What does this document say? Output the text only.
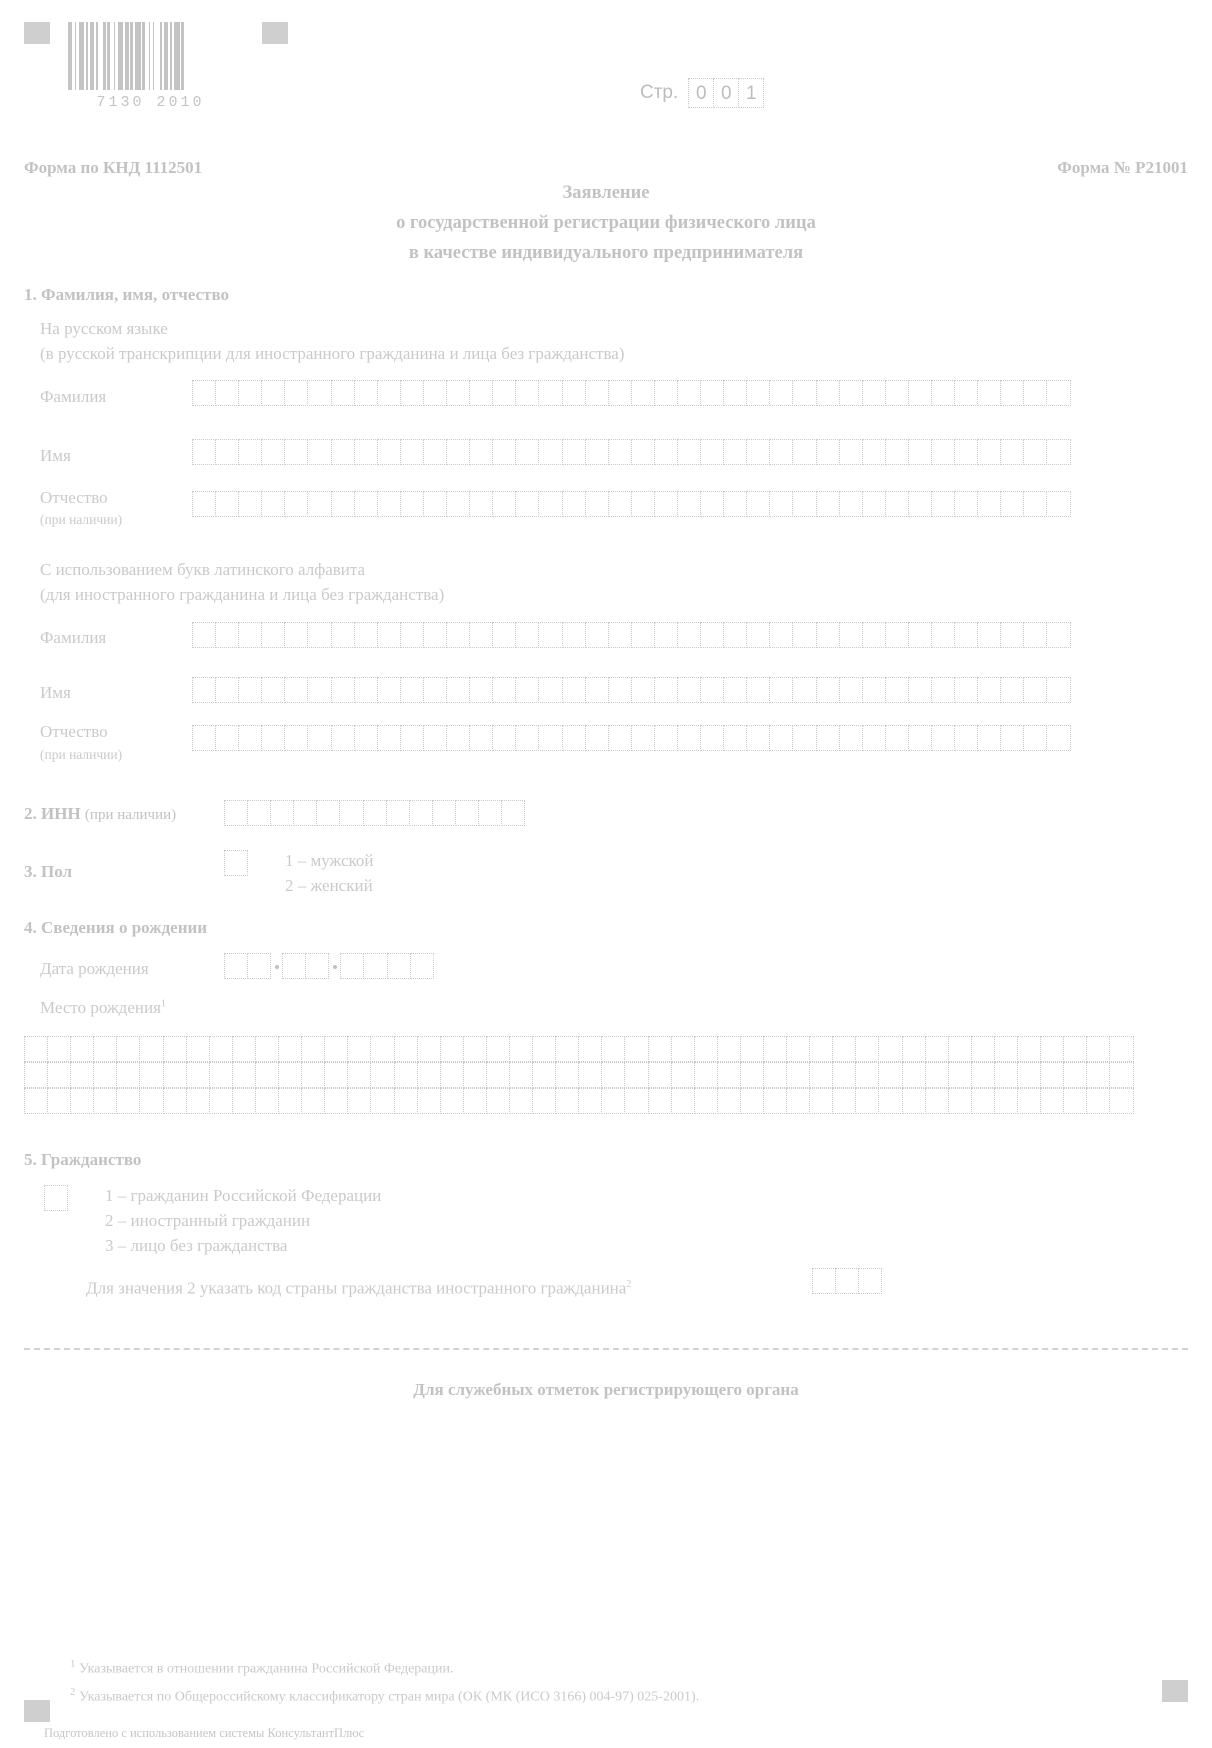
7130 2010	Стр. 0 0 1
Форма по КНД 1112501	Форма № Р21001
Заявление
о государственной регистрации физического лица
в качестве индивидуального предпринимателя
1. Фамилия, имя, отчество
На русском языке
(в русской транскрипции для иностранного гражданина и лица без гражданства)
Фамилия
Имя
Отчество
(при наличии)
С использованием букв латинского алфавита
(для иностранного гражданина и лица без гражданства)
Фамилия
Имя
Отчество
(при наличии)
2. ИНН (при наличии)
3. Пол
1 – мужской
2 – женский
4. Сведения о рождении
Дата рождения
Место рождения$^1$
5. Гражданство
1 – гражданин Российской Федерации
2 – иностранный гражданин
3 – лицо без гражданства
Для значения 2 указать код страны гражданства иностранного гражданина$^2$
Для служебных отметок регистрирующего органа
$^1$ Указывается в отношении гражданина Российской Федерации.
$^2$ Указывается по Общероссийскому классификатору стран мира (ОК (МК (ИСО 3166) 004-97) 025-2001).
Подготовлено с использованием системы КонсультантПлюс
